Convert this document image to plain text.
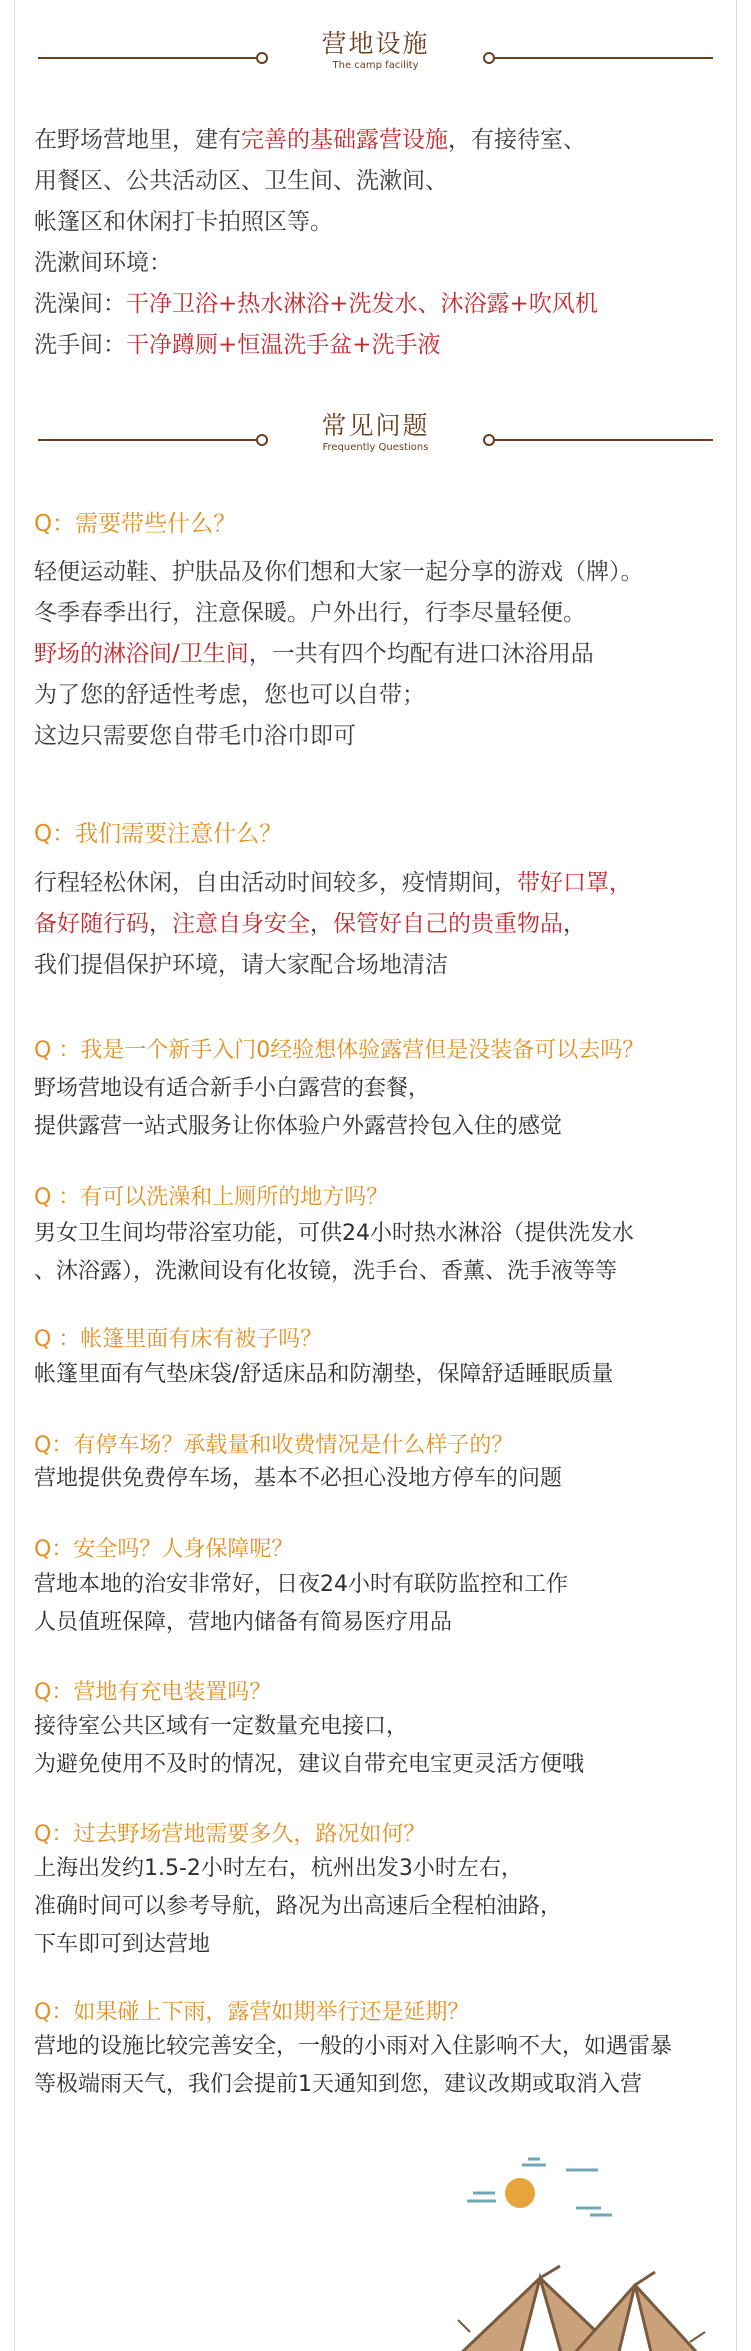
营地设施
The camp facility
在野场营地里，建有完善的基础露营设施，有接待室、
用餐区、公共活动区、卫生间、洗漱间、
帐篷区和休闲打卡拍照区等。
洗漱间环境：
洗澡间：干净卫浴+热水淋浴+洗发水、沐浴露+吹风机
洗手间：干净蹲厕+恒温洗手盆+洗手液
常见问题
Frequently Questions
Q：需要带些什么？
轻便运动鞋、护肤品及你们想和大家一起分享的游戏（牌）。
冬季春季出行，注意保暖。户外出行，行李尽量轻便。
野场的淋浴间/卫生间，一共有四个均配有进口沐浴用品
为了您的舒适性考虑，您也可以自带；
这边只需要您自带毛巾浴巾即可
Q：我们需要注意什么？
行程轻松休闲，自由活动时间较多，疫情期间，带好口罩，
备好随行码，注意自身安全，保管好自己的贵重物品，
我们提倡保护环境，请大家配合场地清洁
Q ：我是一个新手入门0经验想体验露营但是没装备可以去吗？
野场营地设有适合新手小白露营的套餐，
提供露营一站式服务让你体验户外露营拎包入住的感觉
Q ：有可以洗澡和上厕所的地方吗？
男女卫生间均带浴室功能，可供24小时热水淋浴（提供洗发水
、沐浴露），洗漱间设有化妆镜，洗手台、香薰、洗手液等等
Q ：帐篷里面有床有被子吗？
帐篷里面有气垫床袋/舒适床品和防潮垫，保障舒适睡眠质量
Q：有停车场？承载量和收费情况是什么样子的？
营地提供免费停车场，基本不必担心没地方停车的问题
Q：安全吗？人身保障呢？
营地本地的治安非常好，日夜24小时有联防监控和工作
人员值班保障，营地内储备有简易医疗用品
Q：营地有充电装置吗？
接待室公共区域有一定数量充电接口，
为避免使用不及时的情况，建议自带充电宝更灵活方便哦
Q：过去野场营地需要多久，路况如何？
上海出发约1.5-2小时左右，杭州出发3小时左右，
准确时间可以参考导航，路况为出高速后全程柏油路，
下车即可到达营地
Q：如果碰上下雨，露营如期举行还是延期？
营地的设施比较完善安全，一般的小雨对入住影响不大，如遇雷暴
等极端雨天气，我们会提前1天通知到您，建议改期或取消入营
